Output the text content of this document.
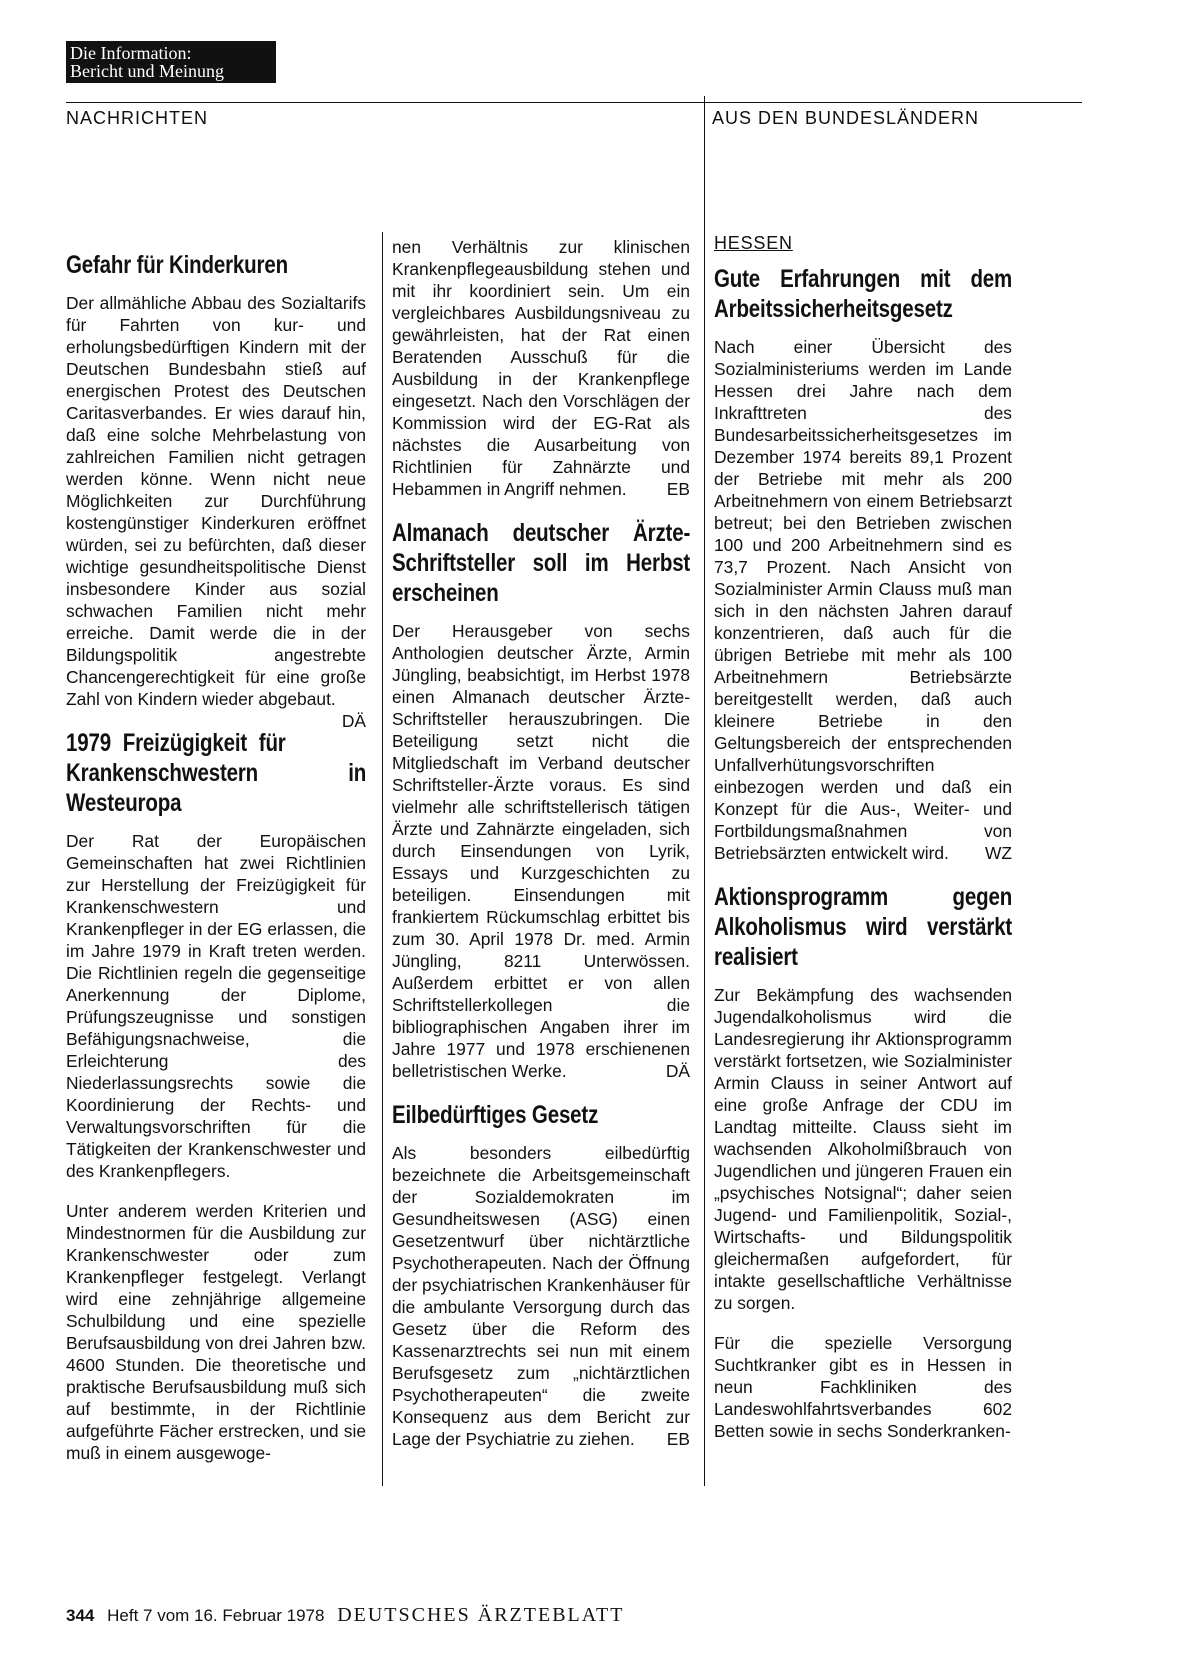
Die Information:
Bericht und Meinung
NACHRICHTEN	AUS DEN BUNDESLÄNDERN
Gefahr für Kinderkuren

Der allmähliche Abbau des Sozialtarifs für Fahrten von kur- und erholungsbedürftigen Kindern mit der Deutschen Bundesbahn stieß auf energischen Protest des Deutschen Caritasverbandes. Er wies darauf hin, daß eine solche Mehrbelastung von zahlreichen Familien nicht getragen werden könne. Wenn nicht neue Möglichkeiten zur Durchführung kostengünstiger Kinderkuren eröffnet würden, sei zu befürchten, daß dieser wichtige gesundheitspolitische Dienst insbesondere Kinder aus sozial schwachen Familien nicht mehr erreiche. Damit werde die in der Bildungspolitik angestrebte Chancengerechtigkeit für eine große Zahl von Kindern wieder abgebaut.
DÄ

1979 Freizügigkeit für Krankenschwestern in Westeuropa

Der Rat der Europäischen Gemeinschaften hat zwei Richtlinien zur Herstellung der Freizügigkeit für Krankenschwestern und Krankenpfleger in der EG erlassen, die im Jahre 1979 in Kraft treten werden. Die Richtlinien regeln die gegenseitige Anerkennung der Diplome, Prüfungszeugnisse und sonstigen Befähigungsnachweise, die Erleichterung des Niederlassungsrechts sowie die Koordinierung der Rechts- und Verwaltungsvorschriften für die Tätigkeiten der Krankenschwester und des Krankenpflegers.

Unter anderem werden Kriterien und Mindestnormen für die Ausbildung zur Krankenschwester oder zum Krankenpfleger festgelegt. Verlangt wird eine zehnjährige allgemeine Schulbildung und eine spezielle Berufsausbildung von drei Jahren bzw. 4600 Stunden. Die theoretische und praktische Berufsausbildung muß sich auf bestimmte, in der Richtlinie aufgeführte Fächer erstrecken, und sie muß in einem ausgewoge-

nen Verhältnis zur klinischen Krankenpflegeausbildung stehen und mit ihr koordiniert sein. Um ein vergleichbares Ausbildungsniveau zu gewährleisten, hat der Rat einen Beratenden Ausschuß für die Ausbildung in der Krankenpflege eingesetzt. Nach den Vorschlägen der Kommission wird der EG-Rat als nächstes die Ausarbeitung von Richtlinien für Zahnärzte und Hebammen in Angriff nehmen. EB

Almanach deutscher Ärzte-Schriftsteller soll im Herbst erscheinen

Der Herausgeber von sechs Anthologien deutscher Ärzte, Armin Jüngling, beabsichtigt, im Herbst 1978 einen Almanach deutscher Ärzte-Schriftsteller herauszubringen. Die Beteiligung setzt nicht die Mitgliedschaft im Verband deutscher Schriftsteller-Ärzte voraus. Es sind vielmehr alle schriftstellerisch tätigen Ärzte und Zahnärzte eingeladen, sich durch Einsendungen von Lyrik, Essays und Kurzgeschichten zu beteiligen. Einsendungen mit frankiertem Rückumschlag erbittet bis zum 30. April 1978 Dr. med. Armin Jüngling, 8211 Unterwössen. Außerdem erbittet er von allen Schriftstellerkollegen die bibliographischen Angaben ihrer im Jahre 1977 und 1978 erschienenen belletristischen Werke.	DÄ

Eilbedürftiges Gesetz

Als besonders eilbedürftig bezeichnete die Arbeitsgemeinschaft der Sozialdemokraten im Gesundheitswesen (ASG) einen Gesetzentwurf über nichtärztliche Psychotherapeuten. Nach der Öffnung der psychiatrischen Krankenhäuser für die ambulante Versorgung durch das Gesetz über die Reform des Kassenarztrechts sei nun mit einem Berufsgesetz zum „nichtärztlichen Psychotherapeuten“ die zweite Konsequenz aus dem Bericht zur Lage der Psychiatrie zu ziehen. EB

HESSEN
Gute Erfahrungen mit dem Arbeitssicherheitsgesetz

Nach einer Übersicht des Sozialministeriums werden im Lande Hessen drei Jahre nach dem Inkrafttreten des Bundesarbeitssicherheitsgesetzes im Dezember 1974 bereits 89,1 Prozent der Betriebe mit mehr als 200 Arbeitnehmern von einem Betriebsarzt betreut; bei den Betrieben zwischen 100 und 200 Arbeitnehmern sind es 73,7 Prozent. Nach Ansicht von Sozialminister Armin Clauss muß man sich in den nächsten Jahren darauf konzentrieren, daß auch für die übrigen Betriebe mit mehr als 100 Arbeitnehmern Betriebsärzte bereitgestellt werden, daß auch kleinere Betriebe in den Geltungsbereich der entsprechenden Unfallverhütungsvorschriften einbezogen werden und daß ein Konzept für die Aus-, Weiter- und Fortbildungsmaßnahmen von Betriebsärzten entwickelt wird. WZ

Aktionsprogramm gegen Alkoholismus wird verstärkt realisiert

Zur Bekämpfung des wachsenden Jugendalkoholismus wird die Landesregierung ihr Aktionsprogramm verstärkt fortsetzen, wie Sozialminister Armin Clauss in seiner Antwort auf eine große Anfrage der CDU im Landtag mitteilte. Clauss sieht im wachsenden Alkoholmißbrauch von Jugendlichen und jüngeren Frauen ein „psychisches Notsignal“; daher seien Jugend- und Familienpolitik, Sozial-, Wirtschafts- und Bildungspolitik gleichermaßen aufgefordert, für intakte gesellschaftliche Verhältnisse zu sorgen.

Für die spezielle Versorgung Suchtkranker gibt es in Hessen in neun Fachkliniken des Landeswohlfahrtsverbandes 602 Betten sowie in sechs Sonderkranken-

344 Heft 7 vom 16. Februar 1978 DEUTSCHES ÄRZTEBLATT
